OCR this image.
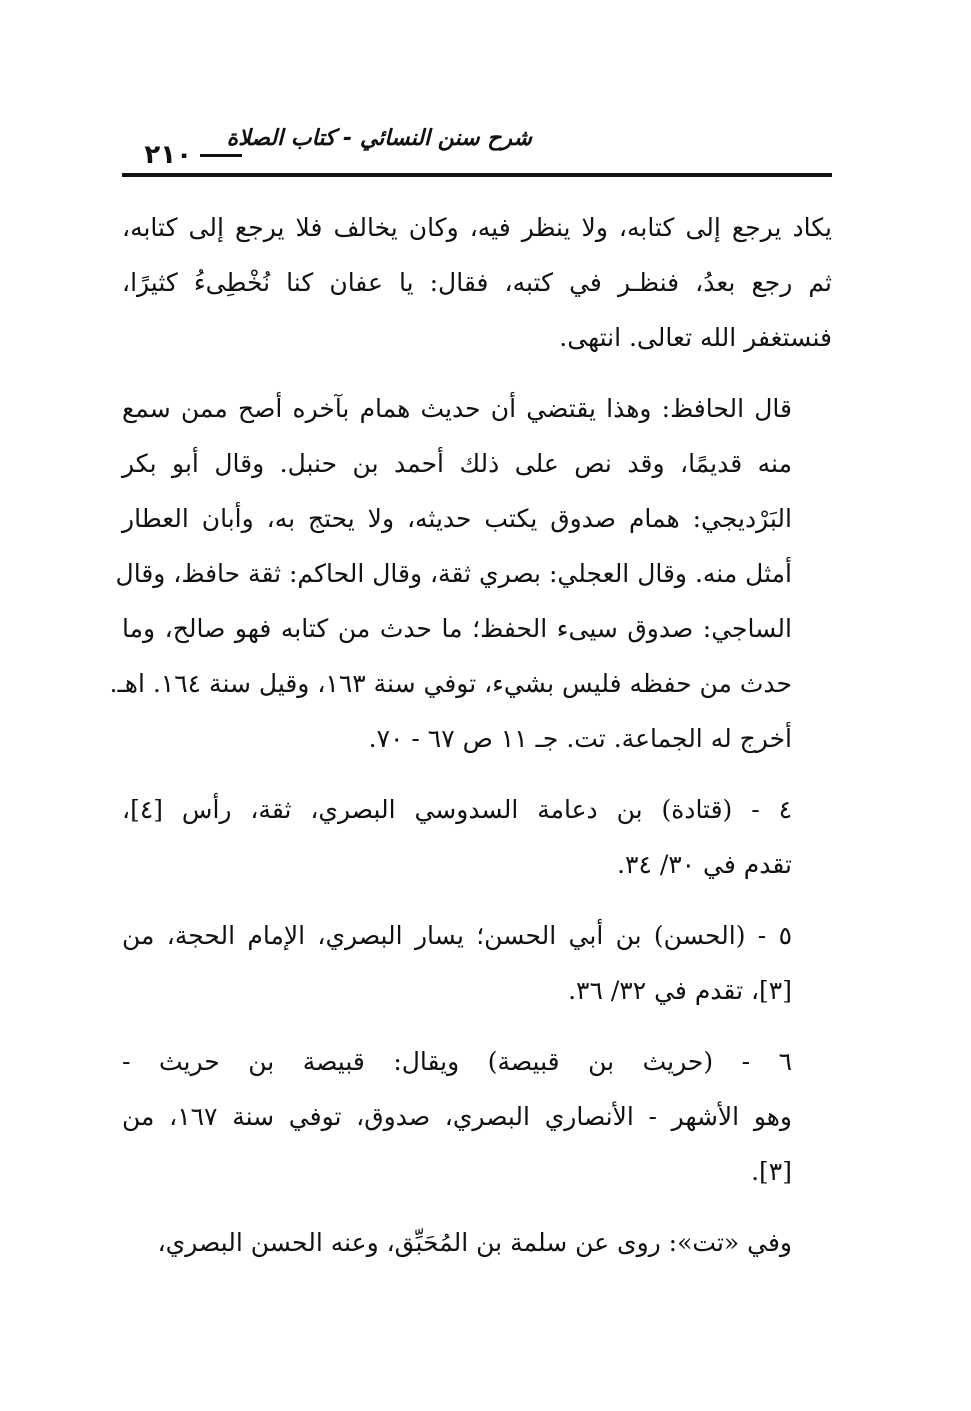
شرح سنن النسائي - كتاب الصلاة
٢١٠
يكاد يرجع إلى كتابه، ولا ينظر فيه، وكان يخالف فلا يرجع إلى كتابه،
ثم رجع بعدُ، فنظـر في كتبه، فقال: يا عفان كنا نُخْطِىءُ كثيرًا،
فنستغفر الله تعالى. انتهى.
قال الحافظ: وهذا يقتضي أن حديث همام بآخره أصح ممن سمع
منه قديمًا، وقد نص على ذلك أحمد بن حنبل. وقال أبو بكر
البَرْديجي: همام صدوق يكتب حديثه، ولا يحتج به، وأبان العطار
أمثل منه. وقال العجلي: بصري ثقة، وقال الحاكم: ثقة حافظ، وقال
الساجي: صدوق سيىء الحفظ؛ ما حدث من كتابه فهو صالح، وما
حدث من حفظه فليس بشيء، توفي سنة ١٦٣، وقيل سنة ١٦٤. اهـ.
أخرج له الجماعة. تت. جـ ١١ ص ٦٧ - ٧٠.
٤ - (قتادة) بن دعامة السدوسي البصري، ثقة، رأس [٤]،
تقدم في ٣٠/ ٣٤.
٥ - (الحسن) بن أبي الحسن؛ يسار البصري، الإمام الحجة، من
[٣]، تقدم في ٣٢/ ٣٦.
٦ - (حريث بن قبيصة) ويقال: قبيصة بن حريث -
وهو الأشهر - الأنصاري البصري، صدوق، توفي سنة ١٦٧، من
[٣].
وفي «تت»: روى عن سلمة بن المُحَبِّق، وعنه الحسن البصري،
